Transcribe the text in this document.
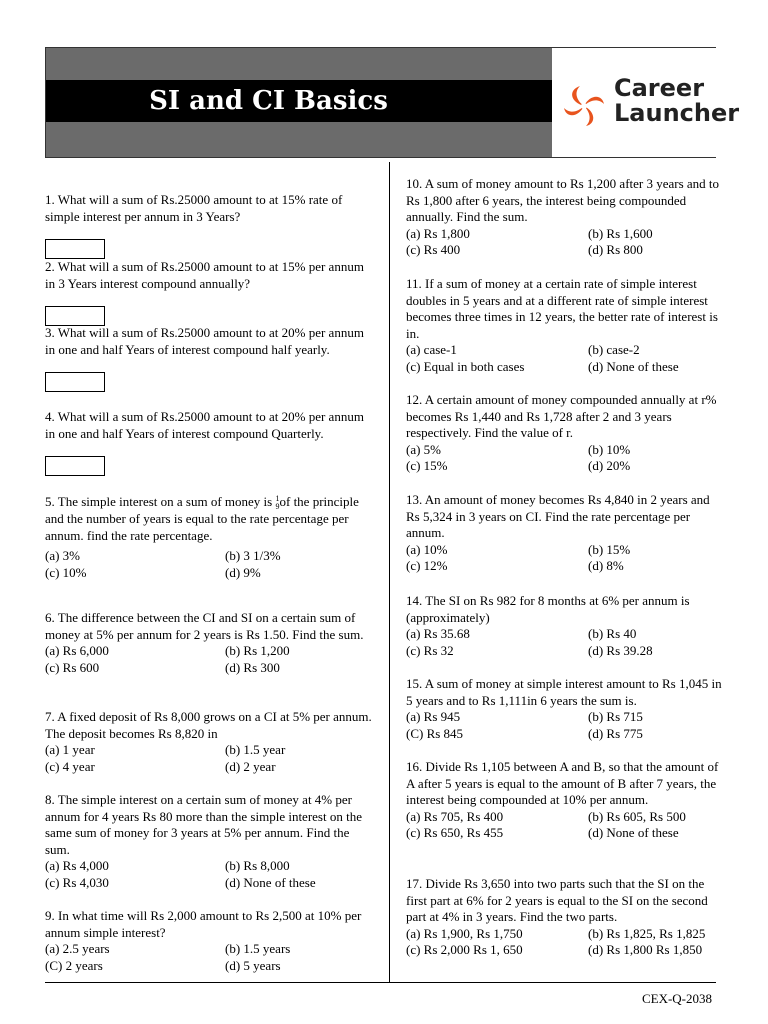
SI and CI Basics	Career
Launcher
CEX-Q-2038

1. What will a sum of Rs.25000 amount to at 15% rate of simple interest per annum in 3 Years?

2. What will a sum of Rs.25000 amount to at 15% per annum in 3 Years interest compound annually?

3. What will a sum of Rs.25000 amount to at 20% per annum in one and half Years of interest compound half yearly.

4. What will a sum of Rs.25000 amount to at 20% per annum in one and half Years of interest compound Quarterly.

5. The simple interest on a sum of money is 1
9 of the principle and the number of years is equal to the rate percentage per annum. find the rate percentage.

(a) 3%	(b) 3 1/3%
(c) 10%	(d) 9%

6. The difference between the CI and SI on a certain sum of money at 5% per annum for 2 years is Rs 1.50. Find the sum.

(a) Rs 6,000	(b) Rs 1,200
(c) Rs 600	(d) Rs 300

7. A fixed deposit of Rs 8,000 grows on a CI at 5% per annum. The deposit becomes Rs 8,820 in

(a) 1 year	(b) 1.5 year
(c) 4 year	(d) 2 year

8. The simple interest on a certain sum of money at 4% per annum for 4 years Rs 80 more than the simple interest on the same sum of money for 3 years at 5% per annum. Find the sum.

(a) Rs 4,000	(b) Rs 8,000
(c) Rs 4,030	(d) None of these

9. In what time will Rs 2,000 amount to Rs 2,500 at 10% per annum simple interest?

(a) 2.5 years	(b) 1.5 years
(C) 2 years	(d) 5 years

10. A sum of money amount to Rs 1,200 after 3 years and to Rs 1,800 after 6 years, the interest being compounded annually. Find the sum.

(a) Rs 1,800	(b) Rs 1,600
(c) Rs 400	(d) Rs 800

11. If a sum of money at a certain rate of simple interest doubles in 5 years and at a different rate of simple interest becomes three times in 12 years, the better rate of interest is in.

(a) case-1	(b) case-2
(c) Equal in both cases	(d) None of these

12. A certain amount of money compounded annually at r% becomes Rs 1,440 and Rs 1,728 after 2 and 3 years respectively. Find the value of r.

(a) 5%	(b) 10%
(c) 15%	(d) 20%

13. An amount of money becomes Rs 4,840 in 2 years and Rs 5,324 in 3 years on CI. Find the rate percentage per annum.

(a) 10%	(b) 15%
(c) 12%	(d) 8%

14. The SI on Rs 982 for 8 months at 6% per annum is (approximately)

(a) Rs 35.68	(b) Rs 40
(c) Rs 32	(d) Rs 39.28

15. A sum of money at simple interest amount to Rs 1,045 in 5 years and to Rs 1,111in 6 years the sum is.

(a) Rs 945	(b) Rs 715
(C) Rs 845	(d) Rs 775

16. Divide Rs 1,105 between A and B, so that the amount of A after 5 years is equal to the amount of B after 7 years, the interest being compounded at 10% per annum.

(a) Rs 705, Rs 400	(b) Rs 605, Rs 500
(c) Rs 650, Rs 455	(d) None of these

17. Divide Rs 3,650 into two parts such that the SI on the first part at 6% for 2 years is equal to the SI on the second part at 4% in 3 years. Find the two parts.

(a) Rs 1,900, Rs 1,750	(b) Rs 1,825, Rs 1,825
(c) Rs 2,000 Rs 1, 650	(d) Rs 1,800 Rs 1,850
